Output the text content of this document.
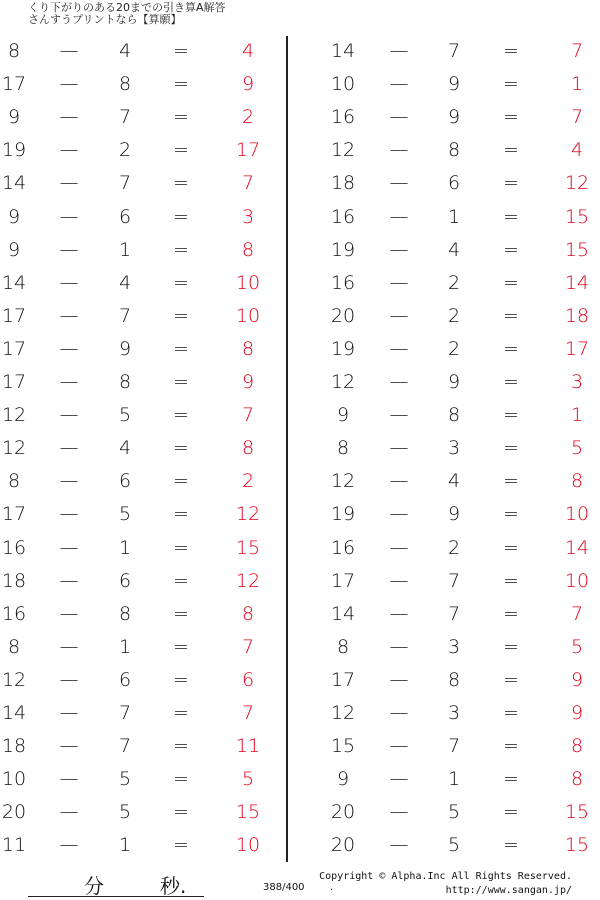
くり下がりのある20までの引き算A解答
さんすうプリントなら【算願】
8	—	4	=	4
17	—	8	=	9
9	—	7	=	2
19	—	2	=	17
14	—	7	=	7
9	—	6	=	3
9	—	1	=	8
14	—	4	=	10
17	—	7	=	10
17	—	9	=	8
17	—	8	=	9
12	—	5	=	7
12	—	4	=	8
8	—	6	=	2
17	—	5	=	12
16	—	1	=	15
18	—	6	=	12
16	—	8	=	8
8	—	1	=	7
12	—	6	=	6
14	—	7	=	7
18	—	7	=	11
10	—	5	=	5
20	—	5	=	15
11	—	1	=	10
14	—	7	=	7
10	—	9	=	1
16	—	9	=	7
12	—	8	=	4
18	—	6	=	12
16	—	1	=	15
19	—	4	=	15
16	—	2	=	14
20	—	2	=	18
19	—	2	=	17
12	—	9	=	3
9	—	8	=	1
8	—	3	=	5
12	—	4	=	8
19	—	9	=	10
16	—	2	=	14
17	—	7	=	10
14	—	7	=	7
8	—	3	=	5
17	—	8	=	9
12	—	3	=	9
15	—	7	=	8
9	—	1	=	8
20	—	5	=	15
20	—	5	=	15
分	秒.	388/400	.
Copyright © Alpha.Inc All Rights Reserved.
http://www.sangan.jp/
